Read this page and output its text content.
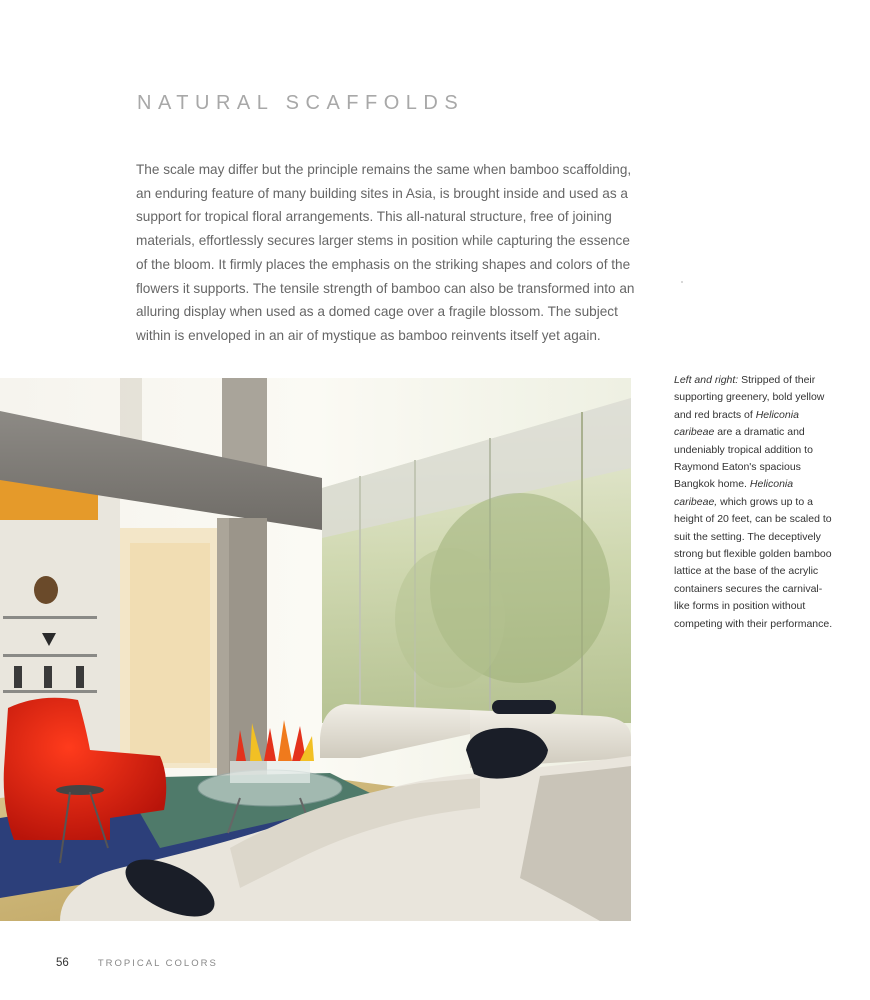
NATURAL SCAFFOLDS

The scale may differ but the principle remains the same when bamboo scaffolding, an enduring feature of many building sites in Asia, is brought inside and used as a support for tropical floral arrangements. This all-natural structure, free of joining materials, effortlessly secures larger stems in position while capturing the essence of the bloom. It firmly places the emphasis on the striking shapes and colors of the flowers it supports. The tensile strength of bamboo can also be transformed into an alluring display when used as a domed cage over a fragile blossom. The subject within is enveloped in an air of mystique as bamboo reinvents itself yet again.

Left and right: Stripped of their supporting greenery, bold yellow and red bracts of Heliconia caribeae are a dramatic and undeniably tropical addition to Raymond Eaton's spacious Bangkok home. Heliconia caribeae, which grows up to a height of 20 feet, can be scaled to suit the setting. The deceptively strong but flexible golden bamboo lattice at the base of the acrylic containers secures the carnival-like forms in position without competing with their performance.

56	TROPICAL COLORS
